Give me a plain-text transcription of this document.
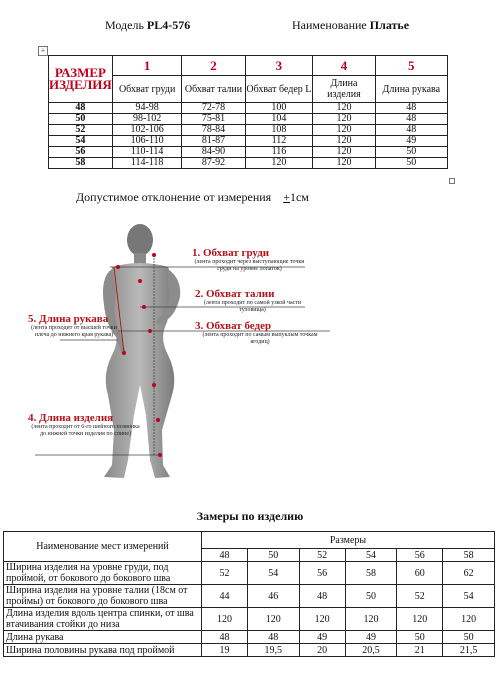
Модель PL4-576	Наименование Платье
+
РАЗМЕР ИЗДЕЛИЯ	1	2	3	4	5
	Обхват груди	Обхват талии	Обхват бедер L	Длина изделия	Длина рукава
48	94-98	72-78	100	120	48
50	98-102	75-81	104	120	48
52	102-106	78-84	108	120	48
54	106-110	81-87	112	120	49
56	110-114	84-90	116	120	50
58	114-118	87-92	120	120	50
Допустимое отклонение от измерения +1см
1. Обхват груди
(лента проходит через выступающие точки груди на уровне лопаток)
2. Обхват талии
(лента проходит по самой узкой части туловища)
3. Обхват бедер
(лента проходит по самым выпуклым точкам ягодиц)
5. Длина рукава
(лента проходит от высшей точки плеча до нижнего края рукава)
4. Длина изделия
(лента проходит от 6-го шейного позвонка до нижней точки изделия по спине)
Замеры по изделию
Наименование мест измерений	Размеры					
	48	50	52	54	56	58
Ширина изделия на уровне груди, под проймой, от бокового до бокового шва	52	54	56	58	60	62
Ширина изделия на уровне талии (18см от проймы) от бокового до бокового шва	44	46	48	50	52	54
Длина изделия вдоль центра спинки, от шва втачивания стойки до низа	120	120	120	120	120	120
Длина рукава	48	48	49	49	50	50
Ширина половины рукава под проймой	19	19,5	20	20,5	21	21,5
